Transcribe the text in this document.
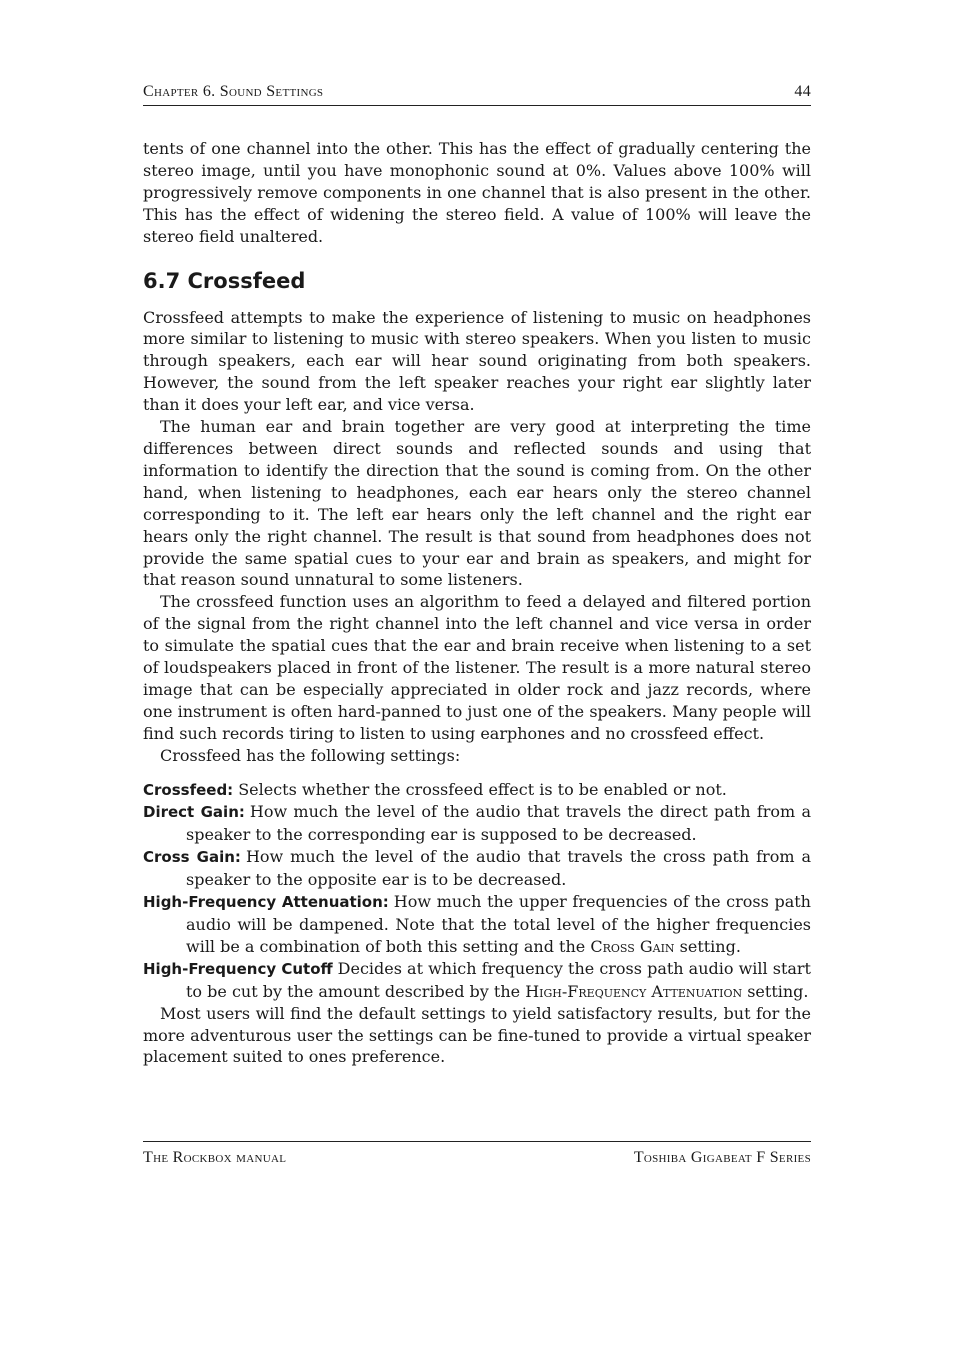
Chapter 6. Sound Settings	44

tents of one channel into the other. This has the effect of gradually centering the stereo image, until you have monophonic sound at 0%. Values above 100% will progressively remove components in one channel that is also present in the other. This has the effect of widening the stereo field. A value of 100% will leave the stereo field unaltered.

6.7 Crossfeed

Crossfeed attempts to make the experience of listening to music on headphones more similar to listening to music with stereo speakers. When you listen to music through speakers, each ear will hear sound originating from both speakers. However, the sound from the left speaker reaches your right ear slightly later than it does your left ear, and vice versa.

The human ear and brain together are very good at interpreting the time differences between direct sounds and reflected sounds and using that information to identify the direction that the sound is coming from. On the other hand, when listening to headphones, each ear hears only the stereo channel corresponding to it. The left ear hears only the left channel and the right ear hears only the right channel. The result is that sound from headphones does not provide the same spatial cues to your ear and brain as speakers, and might for that reason sound unnatural to some listeners.

The crossfeed function uses an algorithm to feed a delayed and filtered portion of the signal from the right channel into the left channel and vice versa in order to simulate the spatial cues that the ear and brain receive when listening to a set of loudspeakers placed in front of the listener. The result is a more natural stereo image that can be especially appreciated in older rock and jazz records, where one instrument is often hard-panned to just one of the speakers. Many people will find such records tiring to listen to using earphones and no crossfeed effect.

Crossfeed has the following settings:

Crossfeed: Selects whether the crossfeed effect is to be enabled or not.

Direct Gain: How much the level of the audio that travels the direct path from a speaker to the corresponding ear is supposed to be decreased.

Cross Gain: How much the level of the audio that travels the cross path from a speaker to the opposite ear is to be decreased.

High-Frequency Attenuation: How much the upper frequencies of the cross path audio will be dampened. Note that the total level of the higher frequencies will be a combination of both this setting and the Cross Gain setting.

High-Frequency Cutoff Decides at which frequency the cross path audio will start to be cut by the amount described by the High-Frequency Attenuation setting.

Most users will find the default settings to yield satisfactory results, but for the more adventurous user the settings can be fine-tuned to provide a virtual speaker placement suited to ones preference.

The Rockbox manual	Toshiba Gigabeat F Series
